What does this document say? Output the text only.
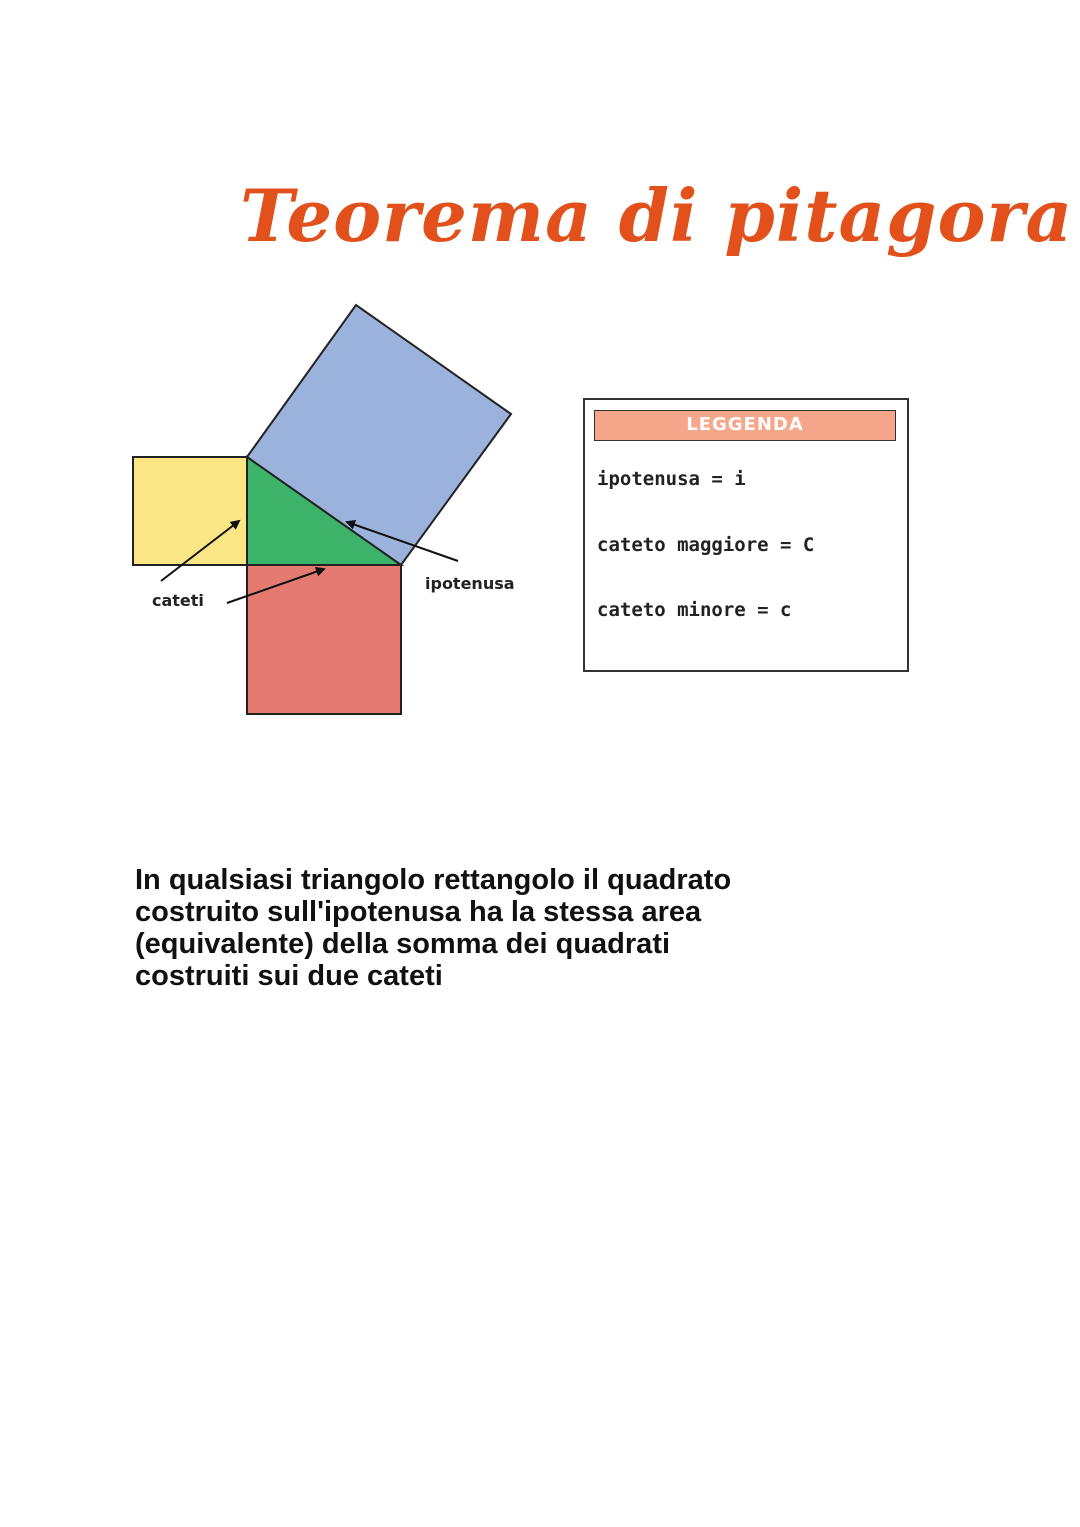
Teorema di pitagora
cateti
ipotenusa
LEGGENDA
ipotenusa = i
cateto maggiore = C
cateto minore = c
In qualsiasi triangolo rettangolo il quadrato costruito sull'ipotenusa ha la stessa area (equivalente) della somma dei quadrati costruiti sui due cateti
